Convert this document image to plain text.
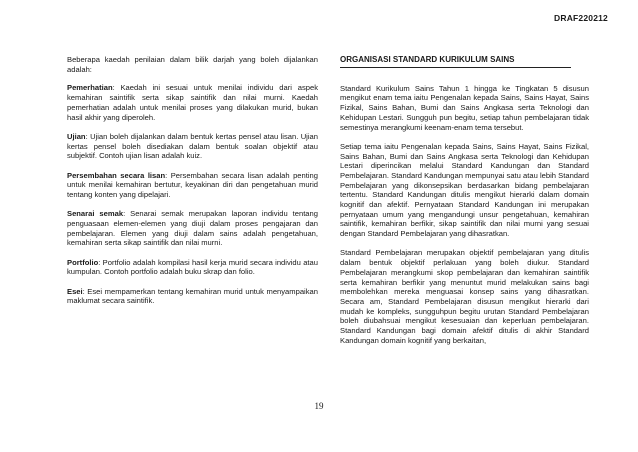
DRAF220212

Beberapa kaedah penilaian dalam bilik darjah yang boleh dijalankan adalah:

Pemerhatian: Kaedah ini sesuai untuk menilai individu dari aspek kemahiran saintifik serta sikap saintifik dan nilai murni. Kaedah pemerhatian adalah untuk menilai proses yang dilakukan murid, bukan hasil akhir yang diperoleh.

Ujian: Ujian boleh dijalankan dalam bentuk kertas pensel atau lisan. Ujian kertas pensel boleh disediakan dalam bentuk soalan objektif atau subjektif. Contoh ujian lisan adalah kuiz.

Persembahan secara lisan: Persembahan secara lisan adalah penting untuk menilai kemahiran bertutur, keyakinan diri dan pengetahuan murid tentang konten yang dipelajari.

Senarai semak: Senarai semak merupakan laporan individu tentang penguasaan elemen-elemen yang diuji dalam proses pengajaran dan pembelajaran. Elemen yang diuji dalam sains adalah pengetahuan, kemahiran serta sikap saintifik dan nilai murni.

Portfolio: Portfolio adalah kompilasi hasil kerja murid secara individu atau kumpulan. Contoh portfolio adalah buku skrap dan folio.

Esei: Esei mempamerkan tentang kemahiran murid untuk menyampaikan maklumat secara saintifik.

ORGANISASI STANDARD KURIKULUM SAINS

Standard Kurikulum Sains Tahun 1 hingga ke Tingkatan 5 disusun mengikut enam tema iaitu Pengenalan kepada Sains, Sains Hayat, Sains Fizikal, Sains Bahan, Bumi dan Sains Angkasa serta Teknologi dan Kehidupan Lestari. Sungguh pun begitu, setiap tahun pembelajaran tidak semestinya merangkumi keenam-enam tema tersebut.

Setiap tema iaitu Pengenalan kepada Sains, Sains Hayat, Sains Fizikal, Sains Bahan, Bumi dan Sains Angkasa serta Teknologi dan Kehidupan Lestari diperincikan melalui Standard Kandungan dan Standard Pembelajaran. Standard Kandungan mempunyai satu atau lebih Standard Pembelajaran yang dikonsepsikan berdasarkan bidang pembelajaran tertentu. Standard Kandungan ditulis mengikut hierarki dalam domain kognitif dan afektif. Pernyataan Standard Kandungan ini merupakan pernyataan umum yang mengandungi unsur pengetahuan, kemahiran saintifik, kemahiran berfikir, sikap saintifik dan nilai murni yang sesuai dengan Standard Pembelajaran yang dihasratkan.

Standard Pembelajaran merupakan objektif pembelajaran yang ditulis dalam bentuk objektif perlakuan yang boleh diukur. Standard Pembelajaran merangkumi skop pembelajaran dan kemahiran saintifik serta kemahiran berfikir yang menuntut murid melakukan sains bagi membolehkan mereka menguasai konsep sains yang dihasratkan. Secara am, Standard Pembelajaran disusun mengikut hierarki dari mudah ke kompleks, sungguhpun begitu urutan Standard Pembelajaran boleh diubahsuai mengikut kesesuaian dan keperluan pembelajaran. Standard Kandungan bagi domain afektif ditulis di akhir Standard Kandungan domain kognitif yang berkaitan,

19
